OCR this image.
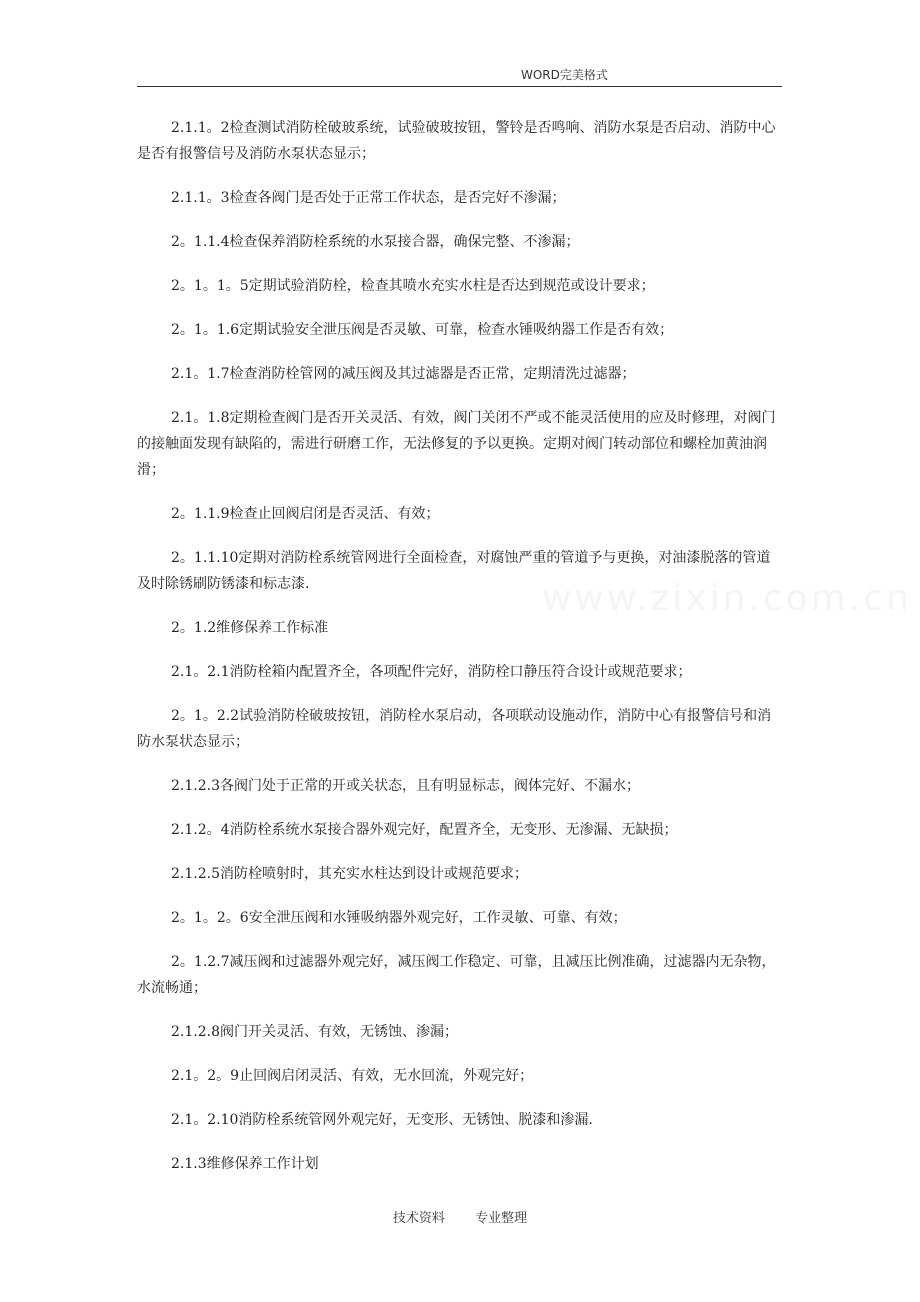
WORD完美格式

2.1.1。2检查测试消防栓破玻系统，试验破玻按钮，警铃是否鸣响、消防水泵是否启动、消防中心是否有报警信号及消防水泵状态显示；

2.1.1。3检查各阀门是否处于正常工作状态，是否完好不渗漏；

2。1.1.4检查保养消防栓系统的水泵接合器，确保完整、不渗漏；

2。1。1。5定期试验消防栓，检查其喷水充实水柱是否达到规范或设计要求；

2。1。1.6定期试验安全泄压阀是否灵敏、可靠，检查水锤吸纳器工作是否有效；

2.1。1.7检查消防栓管网的减压阀及其过滤器是否正常，定期清洗过滤器；

2.1。1.8定期检查阀门是否开关灵活、有效，阀门关闭不严或不能灵活使用的应及时修理，对阀门的接触面发现有缺陷的，需进行研磨工作，无法修复的予以更换。定期对阀门转动部位和螺栓加黄油润滑；

2。1.1.9检查止回阀启闭是否灵活、有效；

2。1.1.10定期对消防栓系统管网进行全面检查，对腐蚀严重的管道予与更换，对油漆脱落的管道及时除锈刷防锈漆和标志漆.

2。1.2维修保养工作标准

2.1。2.1消防栓箱内配置齐全，各项配件完好，消防栓口静压符合设计或规范要求；

2。1。2.2试验消防栓破玻按钮，消防栓水泵启动，各项联动设施动作，消防中心有报警信号和消防水泵状态显示；

2.1.2.3各阀门处于正常的开或关状态，且有明显标志，阀体完好、不漏水；

2.1.2。4消防栓系统水泵接合器外观完好，配置齐全，无变形、无渗漏、无缺损；

2.1.2.5消防栓喷射时，其充实水柱达到设计或规范要求；

2。1。2。6安全泄压阀和水锤吸纳器外观完好，工作灵敏、可靠、有效；

2。1.2.7减压阀和过滤器外观完好，减压阀工作稳定、可靠，且减压比例准确，过滤器内无杂物，水流畅通；

2.1.2.8阀门开关灵活、有效，无锈蚀、渗漏；

2.1。2。9止回阀启闭灵活、有效，无水回流，外观完好；

2.1。2.10消防栓系统管网外观完好，无变形、无锈蚀、脱漆和渗漏.

2.1.3维修保养工作计划

技术资料 专业整理
